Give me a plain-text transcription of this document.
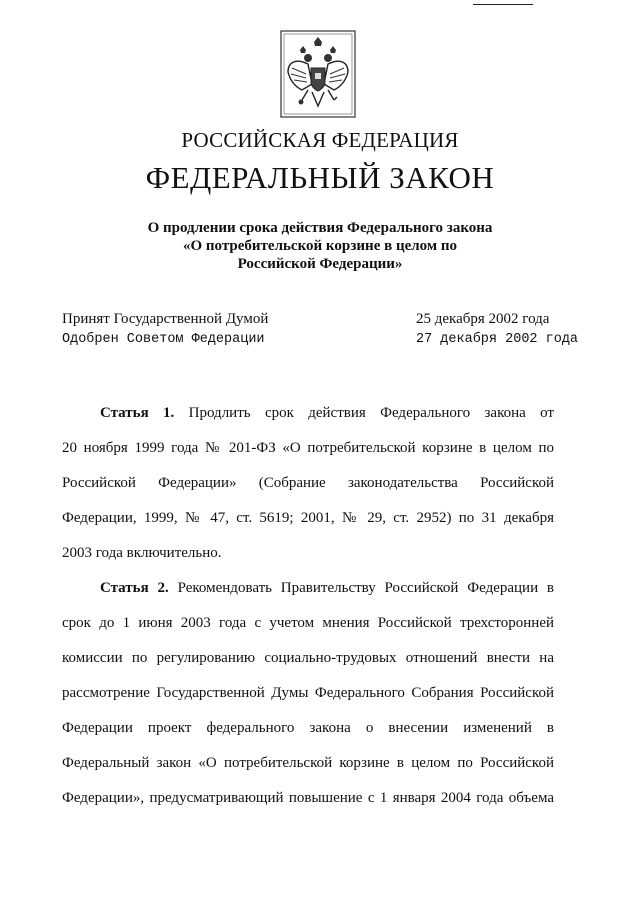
РОССИЙСКАЯ ФЕДЕРАЦИЯ
ФЕДЕРАЛЬНЫЙ ЗАКОН
О продлении срока действия Федерального закона
«О потребительской корзине в целом по
Российской Федерации»
Принят Государственной Думой	25 декабря 2002 года
Одобрен Советом Федерации	27 декабря 2002 года
Статья 1. Продлить срок действия Федерального закона от
20 ноября 1999 года № 201-ФЗ «О потребительской корзине в целом по
Российской Федерации» (Собрание законодательства Российской
Федерации, 1999, № 47, ст. 5619; 2001, № 29, ст. 2952) по 31 декабря
2003 года включительно.
Статья 2. Рекомендовать Правительству Российской Федерации в
срок до 1 июня 2003 года с учетом мнения Российской трехсторонней
комиссии по регулированию социально-трудовых отношений внести на
рассмотрение Государственной Думы Федерального Собрания Российской
Федерации проект федерального закона о внесении изменений в
Федеральный закон «О потребительской корзине в целом по Российской
Федерации», предусматривающий повышение с 1 января 2004 года объема
